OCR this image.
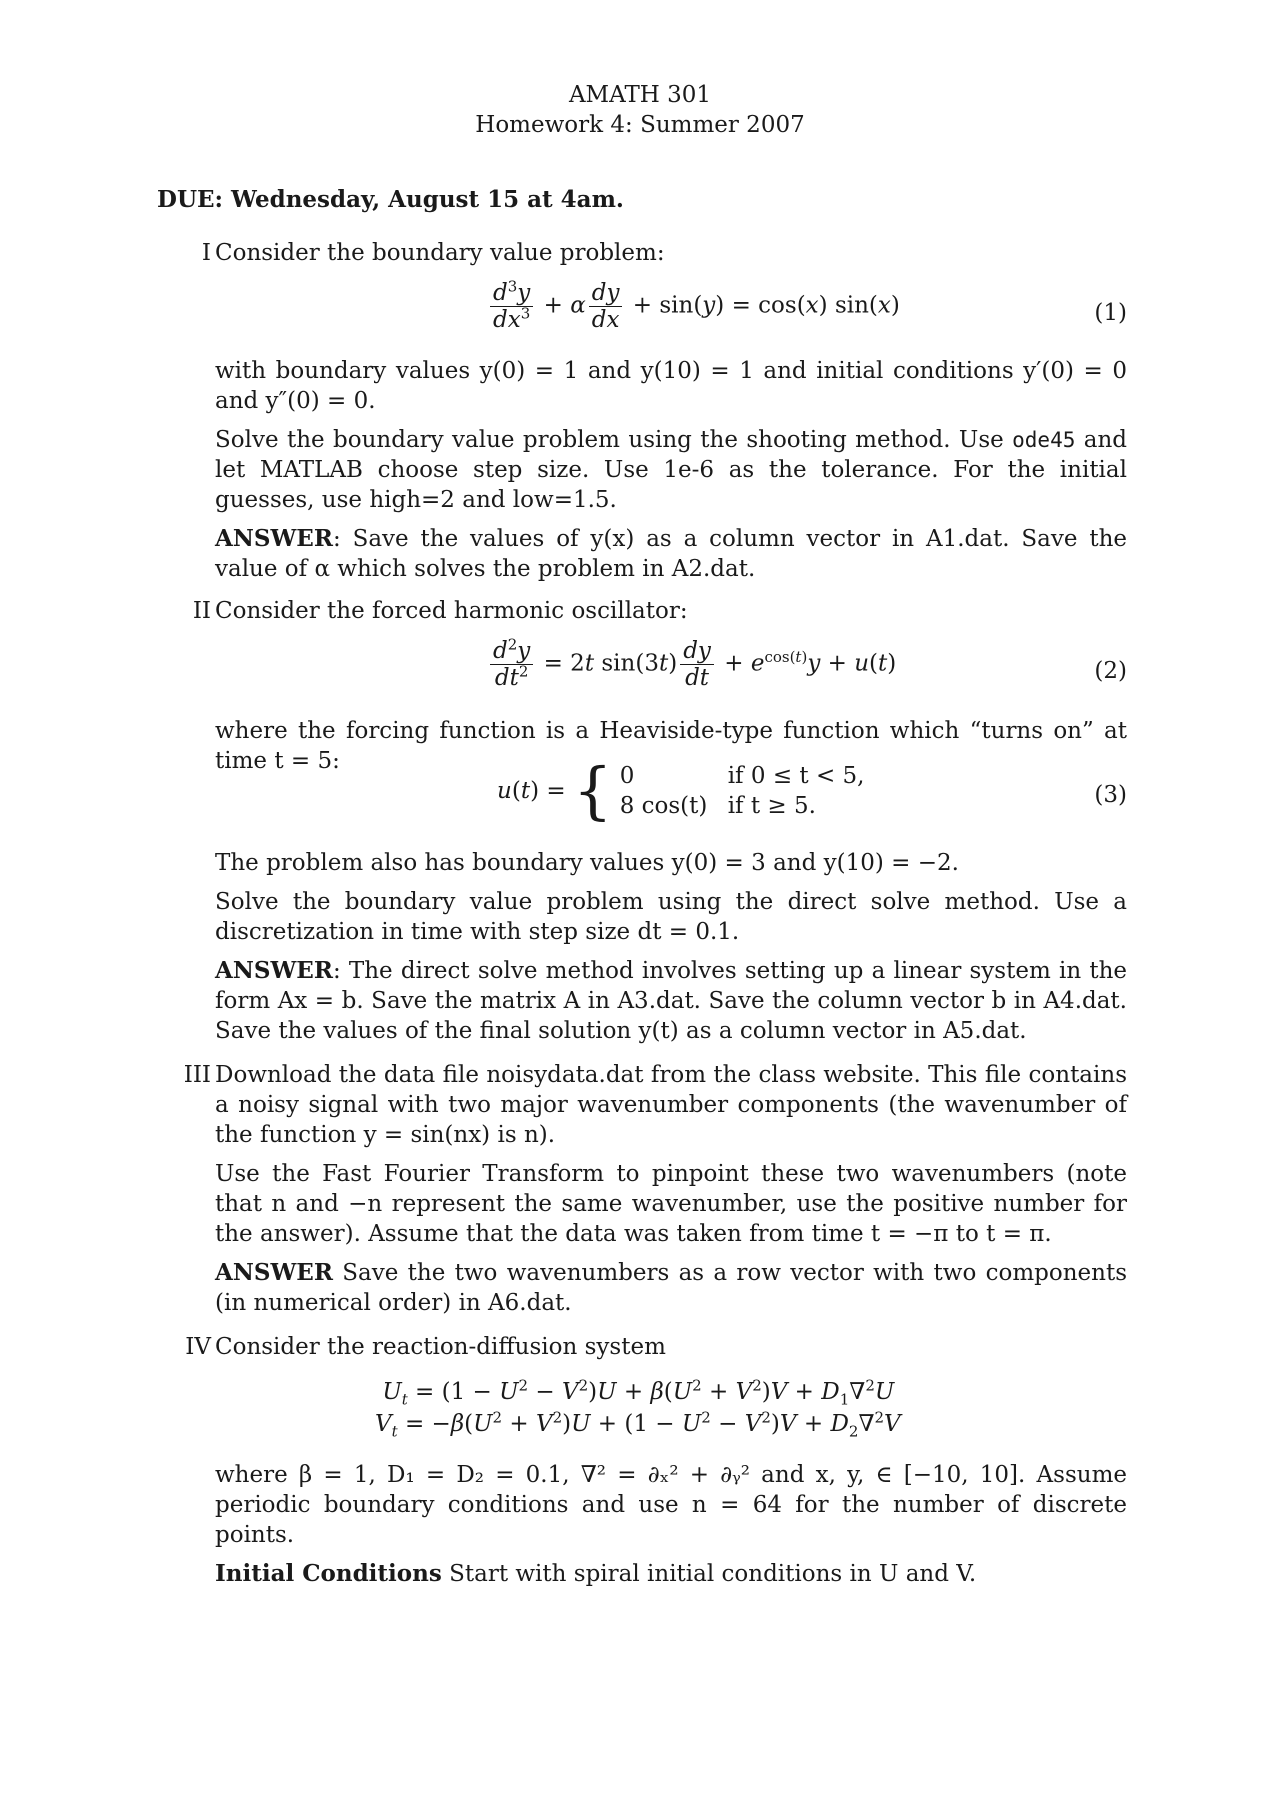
AMATH 301
Homework 4: Summer 2007
DUE: Wednesday, August 15 at 4am.
I Consider the boundary value problem:
$\frac{d^3y}{dx^3} + \alpha \frac{dy}{dx} + \sin(y) = \cos(x)$ sin(x)	(1)
with boundary values y(0) = 1 and y(10) = 1 and initial conditions y′(0) = 0 and y″(0) = 0.
Solve the boundary value problem using the shooting method. Use ode45 and let MATLAB choose step size. Use 1e-6 as the tolerance. For the initial guesses, use high=2 and low=1.5.
ANSWER: Save the values of y(x) as a column vector in A1.dat. Save the value of α which solves the problem in A2.dat.
II Consider the forced harmonic oscillator:
$\frac{d^2y}{dt^2} = 2t$ $\sin(3t) \frac{dy}{dt} + e^{cos(t)}y + u(t)$	(2)
where the forcing function is a Heaviside-type function which “turns on” at time t = 5:
u(t) = { 0	if 0 ≤ t < 5,
8 cos(t) if t ≥ 5.	(3)
The problem also has boundary values y(0) = 3 and y(10) = −2.
Solve the boundary value problem using the direct solve method. Use a discretization in time with step size dt = 0.1.
ANSWER: The direct solve method involves setting up a linear system in the form Ax = b. Save the matrix A in A3.dat. Save the column vector b in A4.dat. Save the values of the final solution y(t) as a column vector in A5.dat.
III Download the data file noisydata.dat from the class website. This file contains a noisy signal with two major wavenumber components (the wavenumber of the function y = sin(nx) is n).
Use the Fast Fourier Transform to pinpoint these two wavenumbers (note that n and −n represent the same wavenumber, use the positive number for the answer). Assume that the data was taken from time t = −π to t = π.
ANSWER Save the two wavenumbers as a row vector with two components (in numerical order) in A6.dat.
IV Consider the reaction-diffusion system
$U_t = (1 - U^2 - V^2)U + \beta(U^2 + V^2)V + D_1\nabla^2U$
$V_t = -\beta(U^2 + V^2)U + (1 - U^2 - V^2)V + D_2\nabla^2V$
where β = 1, D₁ = D₂ = 0.1, ∇² = ∂ₓ² + ∂ᵧ² and x, y, ∈ [−10, 10]. Assume periodic boundary conditions and use n = 64 for the number of discrete points.
Initial Conditions Start with spiral initial conditions in U and V.
